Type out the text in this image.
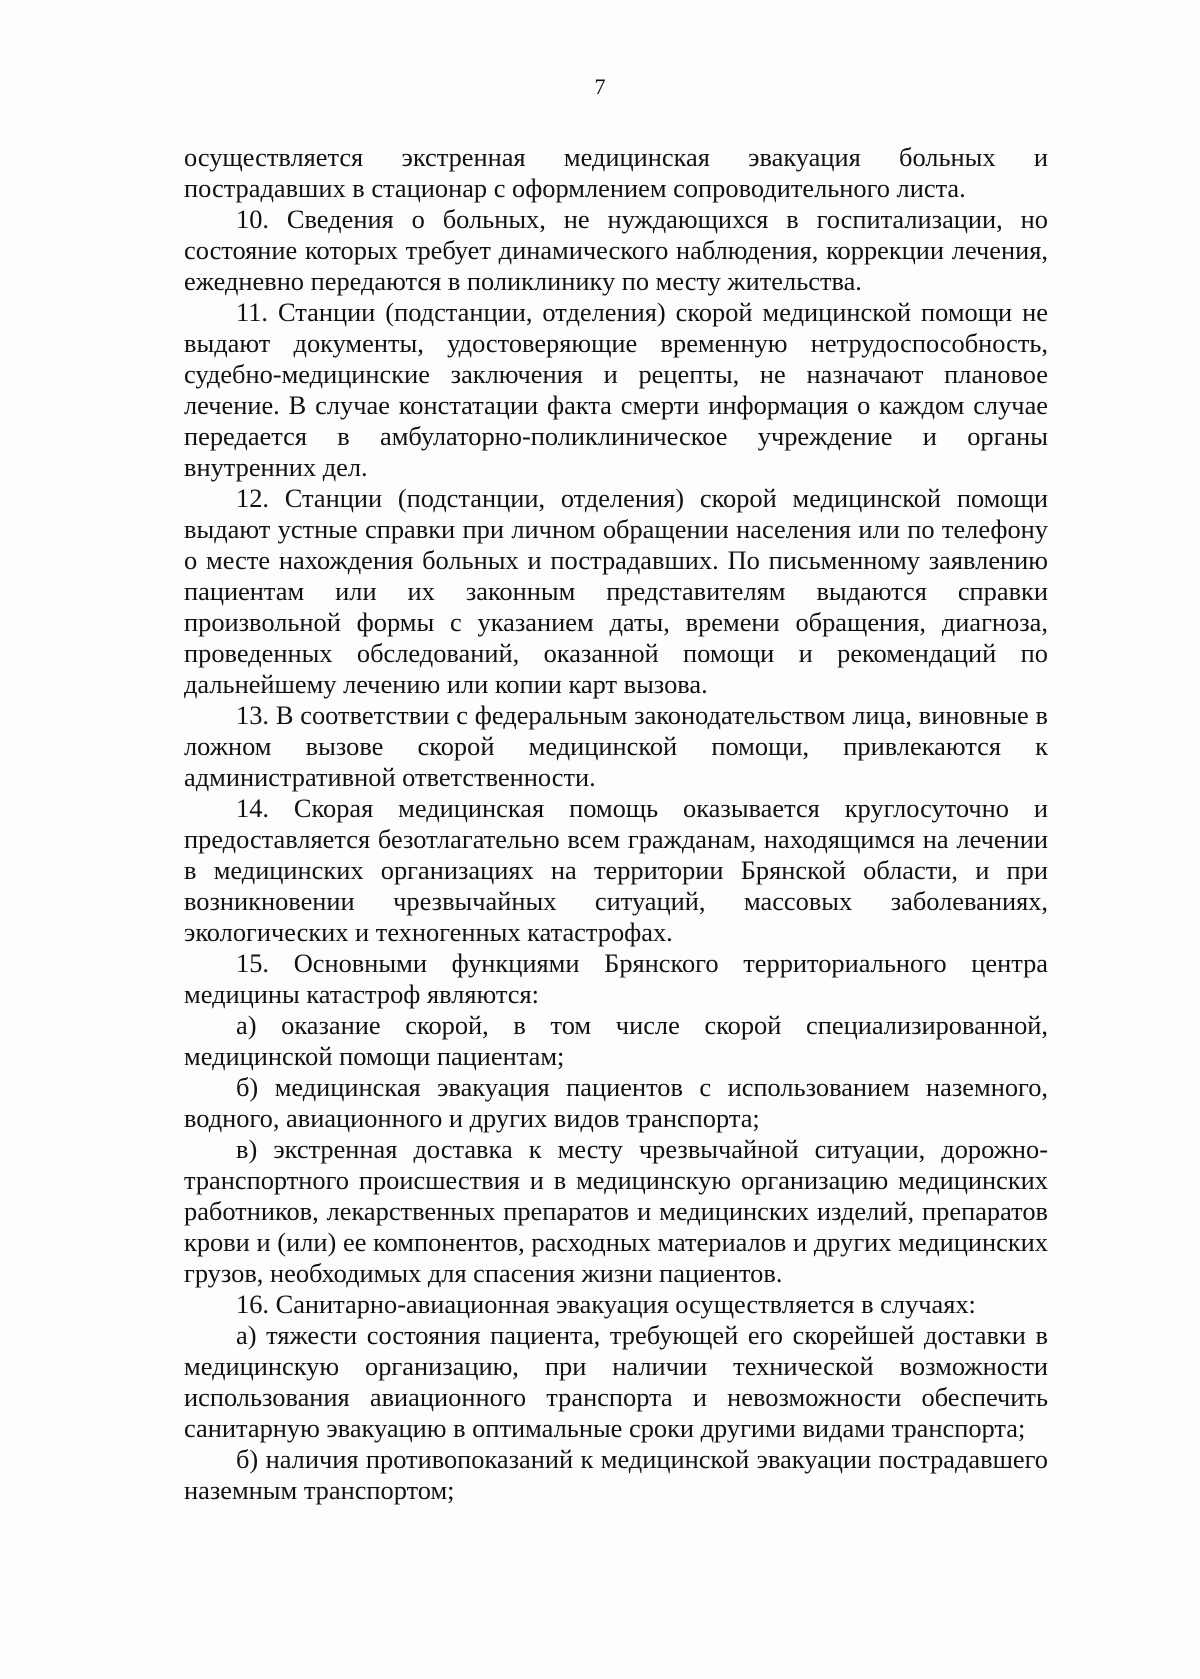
7

осуществляется экстренная медицинская эвакуация больных и пострадавших в стационар с оформлением сопроводительного листа.

10. Сведения о больных, не нуждающихся в госпитализации, но состояние которых требует динамического наблюдения, коррекции лечения, ежедневно передаются в поликлинику по месту жительства.

11. Станции (подстанции, отделения) скорой медицинской помощи не выдают документы, удостоверяющие временную нетрудоспособность, судебно-медицинские заключения и рецепты, не назначают плановое лечение. В случае констатации факта смерти информация о каждом случае передается в амбулаторно-поликлиническое учреждение и органы внутренних дел.

12. Станции (подстанции, отделения) скорой медицинской помощи выдают устные справки при личном обращении населения или по телефону о месте нахождения больных и пострадавших. По письменному заявлению пациентам или их законным представителям выдаются справки произвольной формы с указанием даты, времени обращения, диагноза, проведенных обследований, оказанной помощи и рекомендаций по дальнейшему лечению или копии карт вызова.

13. В соответствии с федеральным законодательством лица, виновные в ложном вызове скорой медицинской помощи, привлекаются к административной ответственности.

14. Скорая медицинская помощь оказывается круглосуточно и предоставляется безотлагательно всем гражданам, находящимся на лечении в медицинских организациях на территории Брянской области, и при возникновении чрезвычайных ситуаций, массовых заболеваниях, экологических и техногенных катастрофах.

15. Основными функциями Брянского территориального центра медицины катастроф являются:

а) оказание скорой, в том числе скорой специализированной, медицинской помощи пациентам;

б) медицинская эвакуация пациентов с использованием наземного, водного, авиационного и других видов транспорта;

в) экстренная доставка к месту чрезвычайной ситуации, дорожно-транспортного происшествия и в медицинскую организацию медицинских работников, лекарственных препаратов и медицинских изделий, препаратов крови и (или) ее компонентов, расходных материалов и других медицинских грузов, необходимых для спасения жизни пациентов.

16. Санитарно-авиационная эвакуация осуществляется в случаях:

а) тяжести состояния пациента, требующей его скорейшей доставки в медицинскую организацию, при наличии технической возможности использования авиационного транспорта и невозможности обеспечить санитарную эвакуацию в оптимальные сроки другими видами транспорта;

б) наличия противопоказаний к медицинской эвакуации пострадавшего наземным транспортом;
